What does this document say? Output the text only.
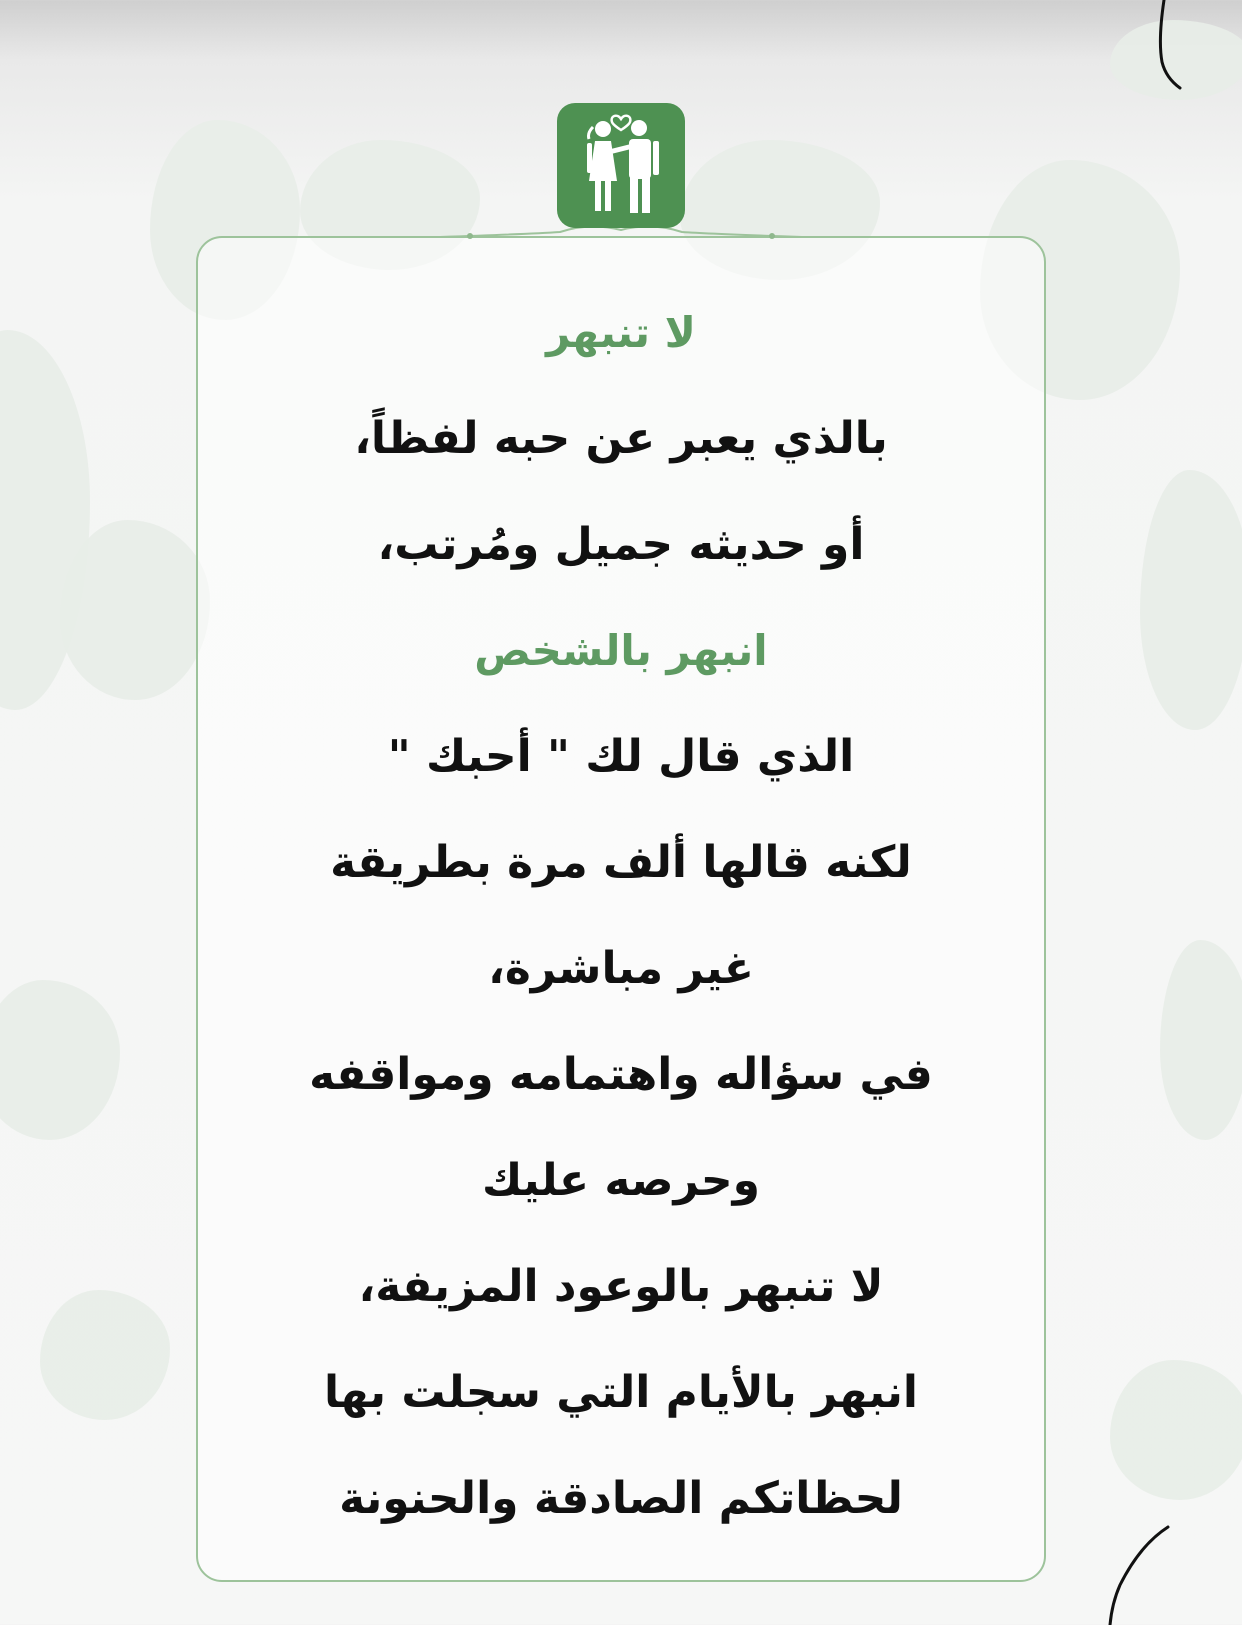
لا تنبهر
بالذي يعبر عن حبه لفظاً،
أو حديثه جميل ومُرتب،
انبهر بالشخص
الذي قال لك " أحبك "
لكنه قالها ألف مرة بطريقة
غير مباشرة،
في سؤاله واهتمامه ومواقفه
وحرصه عليك
لا تنبهر بالوعود المزيفة،
انبهر بالأيام التي سجلت بها
لحظاتكم الصادقة والحنونة
